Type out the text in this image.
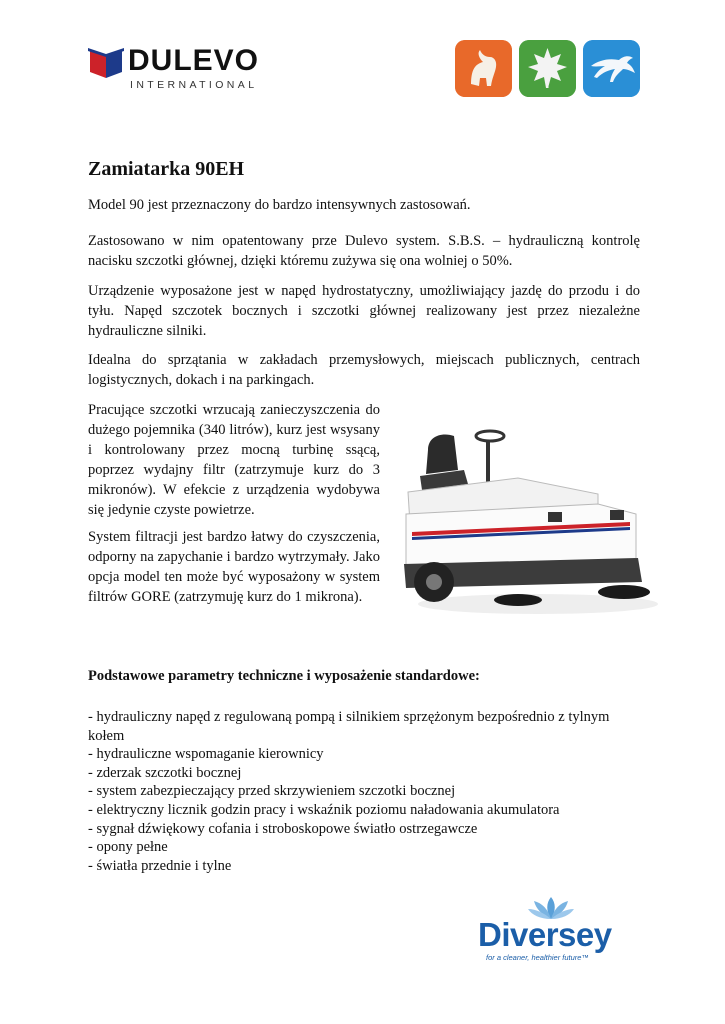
DULEVO
INTERNATIONAL
Zamiatarka 90EH

Model 90 jest przeznaczony do bardzo intensywnych zastosowań.

Zastosowano w nim opatentowany prze Dulevo system. S.B.S. – hydrauliczną kontrolę nacisku szczotki głównej, dzięki któremu zużywa się ona wolniej o 50%.

Urządzenie wyposażone jest w napęd hydrostatyczny, umożliwiający jazdę do przodu i do tyłu. Napęd szczotek bocznych i szczotki głównej realizowany jest przez niezależne hydrauliczne silniki.

Idealna do sprzątania w zakładach przemysłowych, miejscach publicznych, centrach logistycznych, dokach i na parkingach.

Pracujące szczotki wrzucają zanieczyszczenia do dużego pojemnika (340 litrów), kurz jest wsysany i kontrolowany przez mocną turbinę ssącą, poprzez wydajny filtr (zatrzymuje kurz do 3 mikronów). W efekcie z urządzenia wydobywa się jedynie czyste powietrze.

System filtracji jest bardzo łatwy do czyszczenia, odporny na zapychanie i bardzo wytrzymały. Jako opcja model ten może być wyposażony w system filtrów GORE (zatrzymuję kurz do 1 mikrona).

Podstawowe parametry techniczne i wyposażenie standardowe:
- hydrauliczny napęd z regulowaną pompą i silnikiem sprzężonym bezpośrednio z tylnym kołem
- hydrauliczne wspomaganie kierownicy
- zderzak szczotki bocznej
- system zabezpieczający przed skrzywieniem szczotki bocznej
- elektryczny licznik godzin pracy i wskaźnik poziomu naładowania akumulatora
- sygnał dźwiękowy cofania i stroboskopowe światło ostrzegawcze
- opony pełne
- światła przednie i tylne
Diversey
for a cleaner, healthier future™
